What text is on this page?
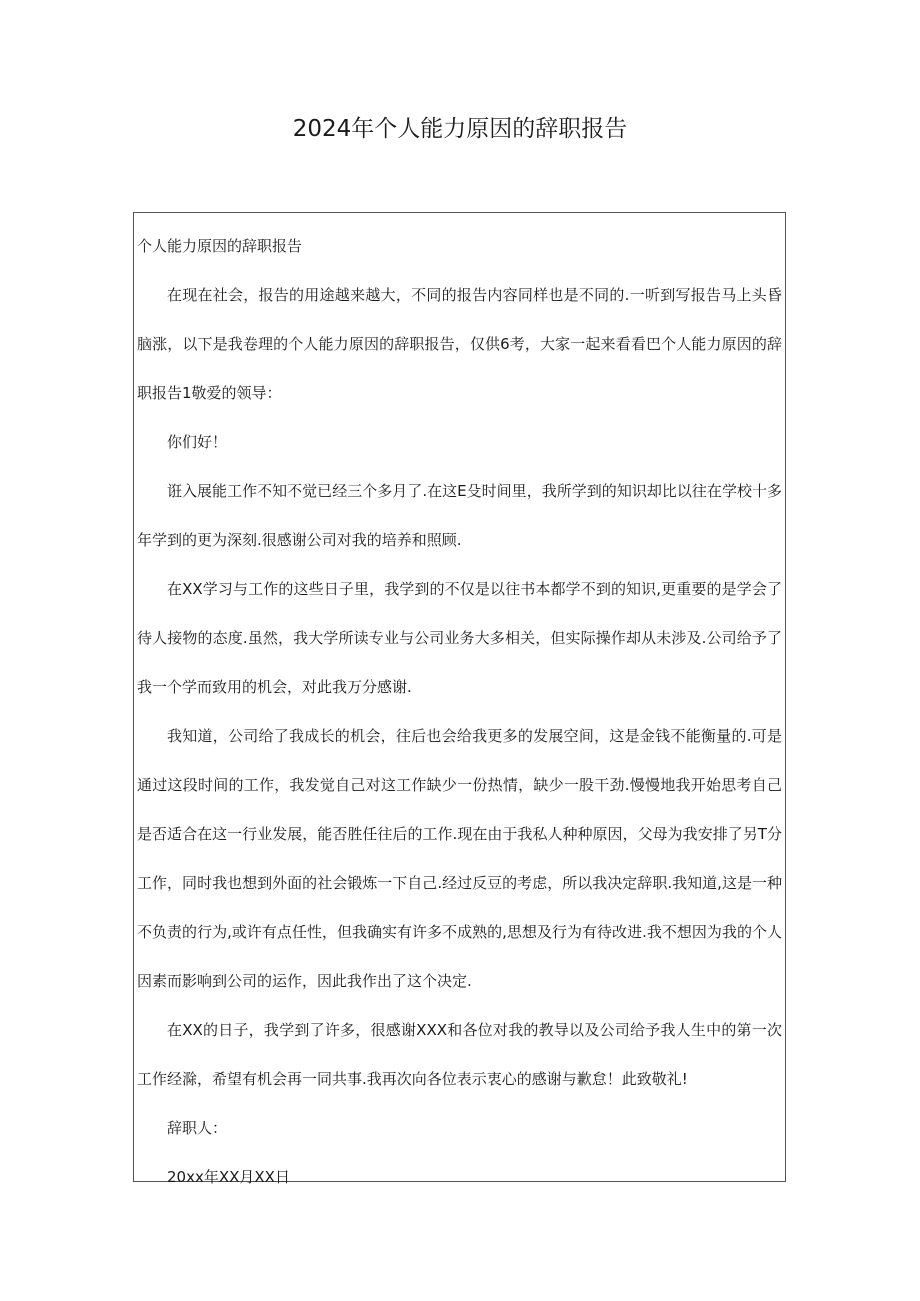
2024年个人能力原因的辞职报告

个人能力原因的辞职报告

在现在社会，报告的用途越来越大，不同的报告内容同样也是不同的.一听到写报告马上头昏脑涨，以下是我卷理的个人能力原因的辞职报告，仅供6考，大家一起来看看巴个人能力原因的辞职报告1敬爱的领导：

你们好！

诳入展能工作不知不觉已经三个多月了.在这E殳时间里，我所学到的知识却比以往在学校十多年学到的更为深刻.很感谢公司对我的培养和照顾.

在XX学习与工作的这些日子里，我学到的不仅是以往书本都学不到的知识,更重要的是学会了待人接物的态度.虽然，我大学所读专业与公司业务大多相关，但实际操作却从未涉及.公司给予了我一个学而致用的机会，对此我万分感谢.

我知道，公司给了我成长的机会，往后也会给我更多的发展空间，这是金钱不能衡量的.可是通过这段时间的工作，我发觉自己对这工作缺少一份热情，缺少一股干劲.慢慢地我开始思考自己是否适合在这一行业发展，能否胜任往后的工作.现在由于我私人种种原因，父母为我安排了另T分工作，同时我也想到外面的社会锻炼一下自己.经过反豆的考虑，所以我决定辞职.我知道,这是一种不负责的行为,或许有点任性，但我确实有许多不成熟的,思想及行为有待改进.我不想因为我的个人因素而影响到公司的运作，因此我作出了这个决定.

在XX的日子，我学到了许多，很感谢XXX和各位对我的教导以及公司给予我人生中的第一次工作经滁，希望有机会再一同共事.我再次向各位表示衷心的感谢与歉怠！此致敬礼!

辞职人：

20xx年XX月XX日
